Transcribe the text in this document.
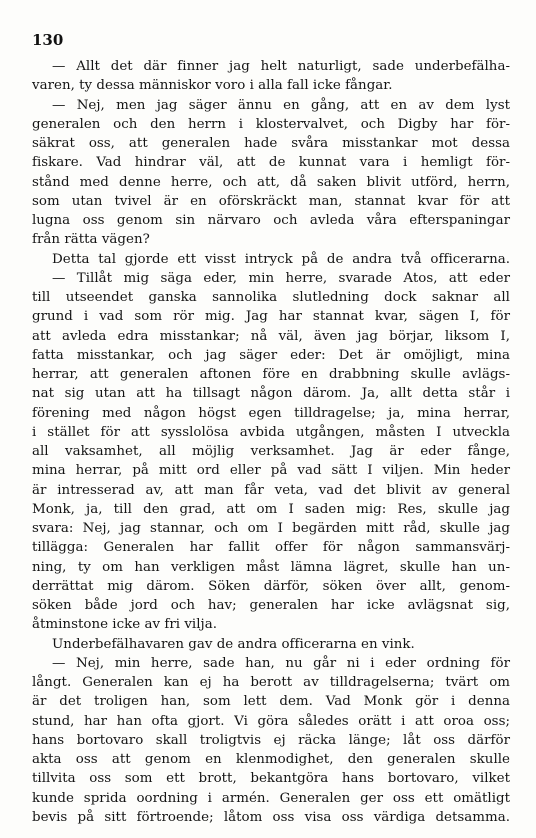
130
— Allt det där finner jag helt naturligt, sade underbefälha-
varen, ty dessa människor voro i alla fall icke fångar.
— Nej, men jag säger ännu en gång, att en av dem lyst
generalen och den herrn i klostervalvet, och Digby har för-
säkrat oss, att generalen hade svåra misstankar mot dessa
fiskare. Vad hindrar väl, att de kunnat vara i hemligt för-
stånd med denne herre, och att, då saken blivit utförd, herrn,
som utan tvivel är en oförskräckt man, stannat kvar för att
lugna oss genom sin närvaro och avleda våra efterspaningar
från rätta vägen?
Detta tal gjorde ett visst intryck på de andra två officerarna.
— Tillåt mig säga eder, min herre, svarade Atos, att eder
till utseendet ganska sannolika slutledning dock saknar all
grund i vad som rör mig. Jag har stannat kvar, sägen I, för
att avleda edra misstankar; nå väl, även jag börjar, liksom I,
fatta misstankar, och jag säger eder: Det är omöjligt, mina
herrar, att generalen aftonen före en drabbning skulle avlägs-
nat sig utan att ha tillsagt någon därom. Ja, allt detta står i
förening med någon högst egen tilldragelse; ja, mina herrar,
i stället för att sysslolösa avbida utgången, måsten I utveckla
all vaksamhet, all möjlig verksamhet. Jag är eder fånge,
mina herrar, på mitt ord eller på vad sätt I viljen. Min heder
är intresserad av, att man får veta, vad det blivit av general
Monk, ja, till den grad, att om I saden mig: Res, skulle jag
svara: Nej, jag stannar, och om I begärden mitt råd, skulle jag
tillägga: Generalen har fallit offer för någon sammansvärj-
ning, ty om han verkligen måst lämna lägret, skulle han un-
derrättat mig därom. Söken därför, söken över allt, genom-
söken både jord och hav; generalen har icke avlägsnat sig,
åtminstone icke av fri vilja.
Underbefälhavaren gav de andra officerarna en vink.
— Nej, min herre, sade han, nu går ni i eder ordning för
långt. Generalen kan ej ha berott av tilldragelserna; tvärt om
är det troligen han, som lett dem. Vad Monk gör i denna
stund, har han ofta gjort. Vi göra således orätt i att oroa oss;
hans bortovaro skall troligtvis ej räcka länge; låt oss därför
akta oss att genom en klenmodighet, den generalen skulle
tillvita oss som ett brott, bekantgöra hans bortovaro, vilket
kunde sprida oordning i armén. Generalen ger oss ett omätligt
bevis på sitt förtroende; låtom oss visa oss värdiga detsamma.
